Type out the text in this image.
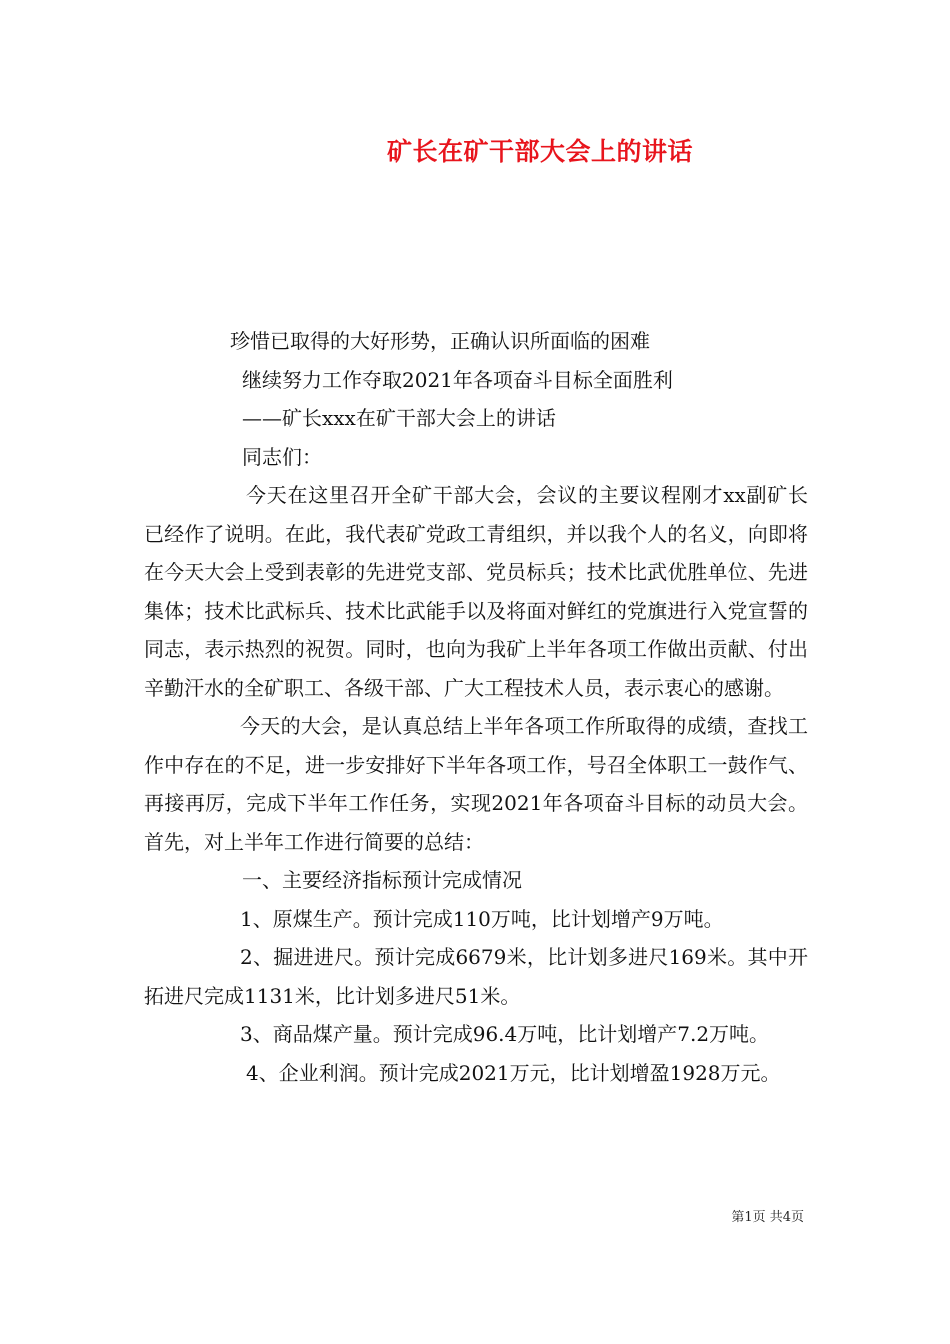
矿长在矿干部大会上的讲话
珍惜已取得的大好形势，正确认识所面临的困难
继续努力工作夺取2021年各项奋斗目标全面胜利
——矿长xxx在矿干部大会上的讲话
同志们：
今天在这里召开全矿干部大会，会议的主要议程刚才xx副矿长已经作了说明。在此，我代表矿党政工青组织，并以我个人的名义，向即将在今天大会上受到表彰的先进党支部、党员标兵；技术比武优胜单位、先进集体；技术比武标兵、技术比武能手以及将面对鲜红的党旗进行入党宣誓的同志，表示热烈的祝贺。同时，也向为我矿上半年各项工作做出贡献、付出辛勤汗水的全矿职工、各级干部、广大工程技术人员，表示衷心的感谢。
今天的大会，是认真总结上半年各项工作所取得的成绩，查找工作中存在的不足，进一步安排好下半年各项工作，号召全体职工一鼓作气、再接再厉，完成下半年工作任务，实现2021年各项奋斗目标的动员大会。首先，对上半年工作进行简要的总结：
一、主要经济指标预计完成情况
1、原煤生产。预计完成110万吨，比计划增产9万吨。
2、掘进进尺。预计完成6679米，比计划多进尺169米。其中开拓进尺完成1131米，比计划多进尺51米。
3、商品煤产量。预计完成96.4万吨，比计划增产7.2万吨。
4、企业利润。预计完成2021万元，比计划增盈1928万元。
第1页 共4页
